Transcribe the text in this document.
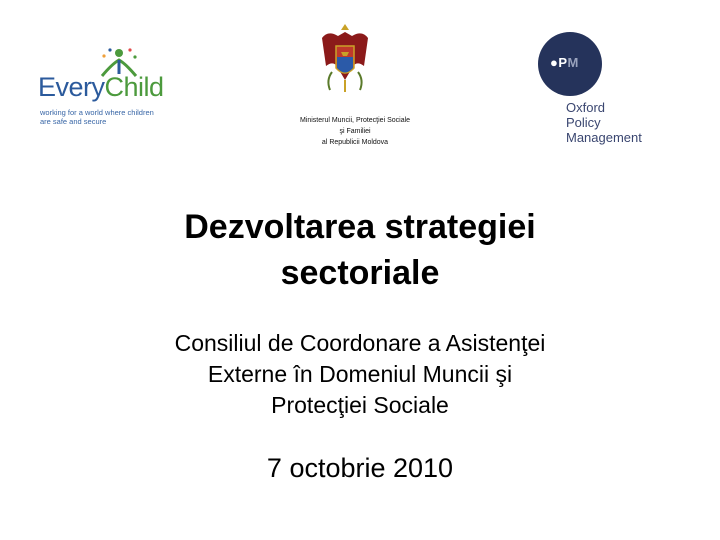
EveryChild
working for a world where children
are safe and secure	Ministerul Muncii, Protecţiei Sociale
şi Familiei
al Republicii Moldova
●PM
Oxford
Policy
Management
Dezvoltarea strategiei
sectoriale

Consiliul de Coordonare a Asistenţei
Externe în Domeniul Muncii şi
Protecţiei Sociale

7 octobrie 2010
